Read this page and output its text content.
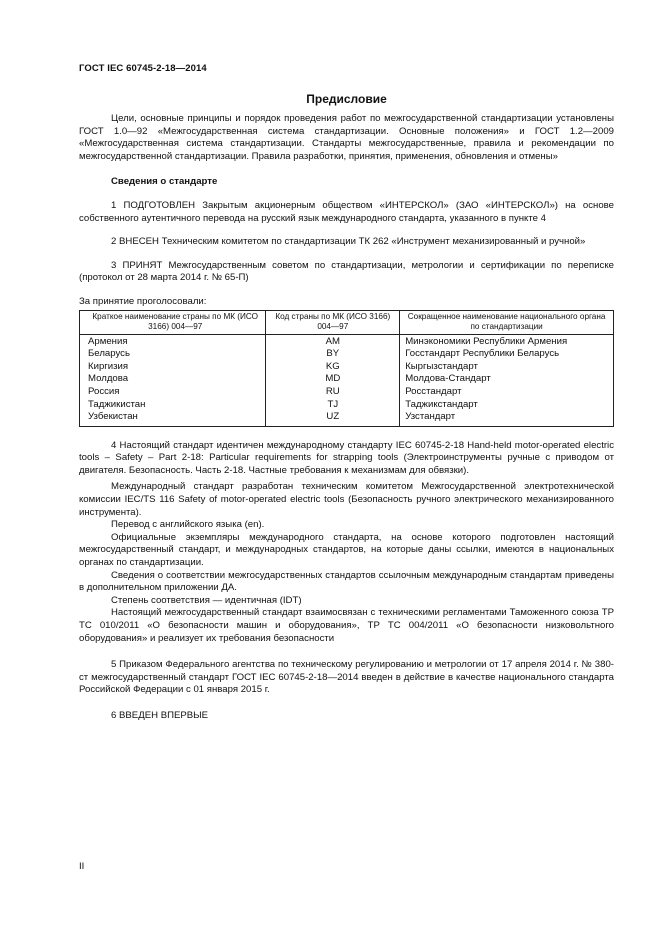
ГОСТ IEC 60745-2-18—2014
Предисловие

Цели, основные принципы и порядок проведения работ по межгосударственной стандартизации установлены ГОСТ 1.0—92 «Межгосударственная система стандартизации. Основные положения» и ГОСТ 1.2—2009 «Межгосударственная система стандартизации. Стандарты межгосударственные, правила и рекомендации по межгосударственной стандартизации. Правила разработки, принятия, применения, обновления и отмены»

Сведения о стандарте

1 ПОДГОТОВЛЕН Закрытым акционерным обществом «ИНТЕРСКОЛ» (ЗАО «ИНТЕРСКОЛ») на основе собственного аутентичного перевода на русский язык международного стандарта, указанного в пункте 4

2 ВНЕСЕН Техническим комитетом по стандартизации ТК 262 «Инструмент механизированный и ручной»

3 ПРИНЯТ Межгосударственным советом по стандартизации, метрологии и сертификации по переписке (протокол от 28 марта 2014 г. № 65-П)

За принятие проголосовали:

Краткое наименование страны по МК (ИСО 3166) 004—97	Код страны по МК (ИСО 3166) 004—97	Сокращенное наименование национального органа по стандартизации
Армения	AM	Минэкономики Республики Армения
Беларусь	BY	Госстандарт Республики Беларусь
Киргизия	KG	Кыргызстандарт
Молдова	MD	Молдова-Стандарт
Россия	RU	Росстандарт
Таджикистан	TJ	Таджикстандарт
Узбекистан	UZ	Узстандарт

4 Настоящий стандарт идентичен международному стандарту IEC 60745-2-18 Hand-held motor-operated electric tools – Safety – Part 2-18: Particular requirements for strapping tools (Электроинструменты ручные с приводом от двигателя. Безопасность. Часть 2-18. Частные требования к механизмам для обвязки).

Международный стандарт разработан техническим комитетом Межгосударственной электротехнической комиссии IEC/TS 116 Safety of motor-operated electric tools (Безопасность ручного электрического механизированного инструмента).

Перевод с английского языка (en).

Официальные экземпляры международного стандарта, на основе которого подготовлен настоящий межгосударственный стандарт, и международных стандартов, на которые даны ссылки, имеются в национальных органах по стандартизации.

Сведения о соответствии межгосударственных стандартов ссылочным международным стандартам приведены в дополнительном приложении ДА.

Степень соответствия — идентичная (IDT)

Настоящий межгосударственный стандарт взаимосвязан с техническими регламентами Таможенного союза ТР ТС 010/2011 «О безопасности машин и оборудования», ТР ТС 004/2011 «О безопасности низковольтного оборудования» и реализует их требования безопасности

5 Приказом Федерального агентства по техническому регулированию и метрологии от 17 апреля 2014 г. № 380-ст межгосударственный стандарт ГОСТ IEC 60745-2-18—2014 введен в действие в качестве национального стандарта Российской Федерации с 01 января 2015 г.

6 ВВЕДЕН ВПЕРВЫЕ

II
